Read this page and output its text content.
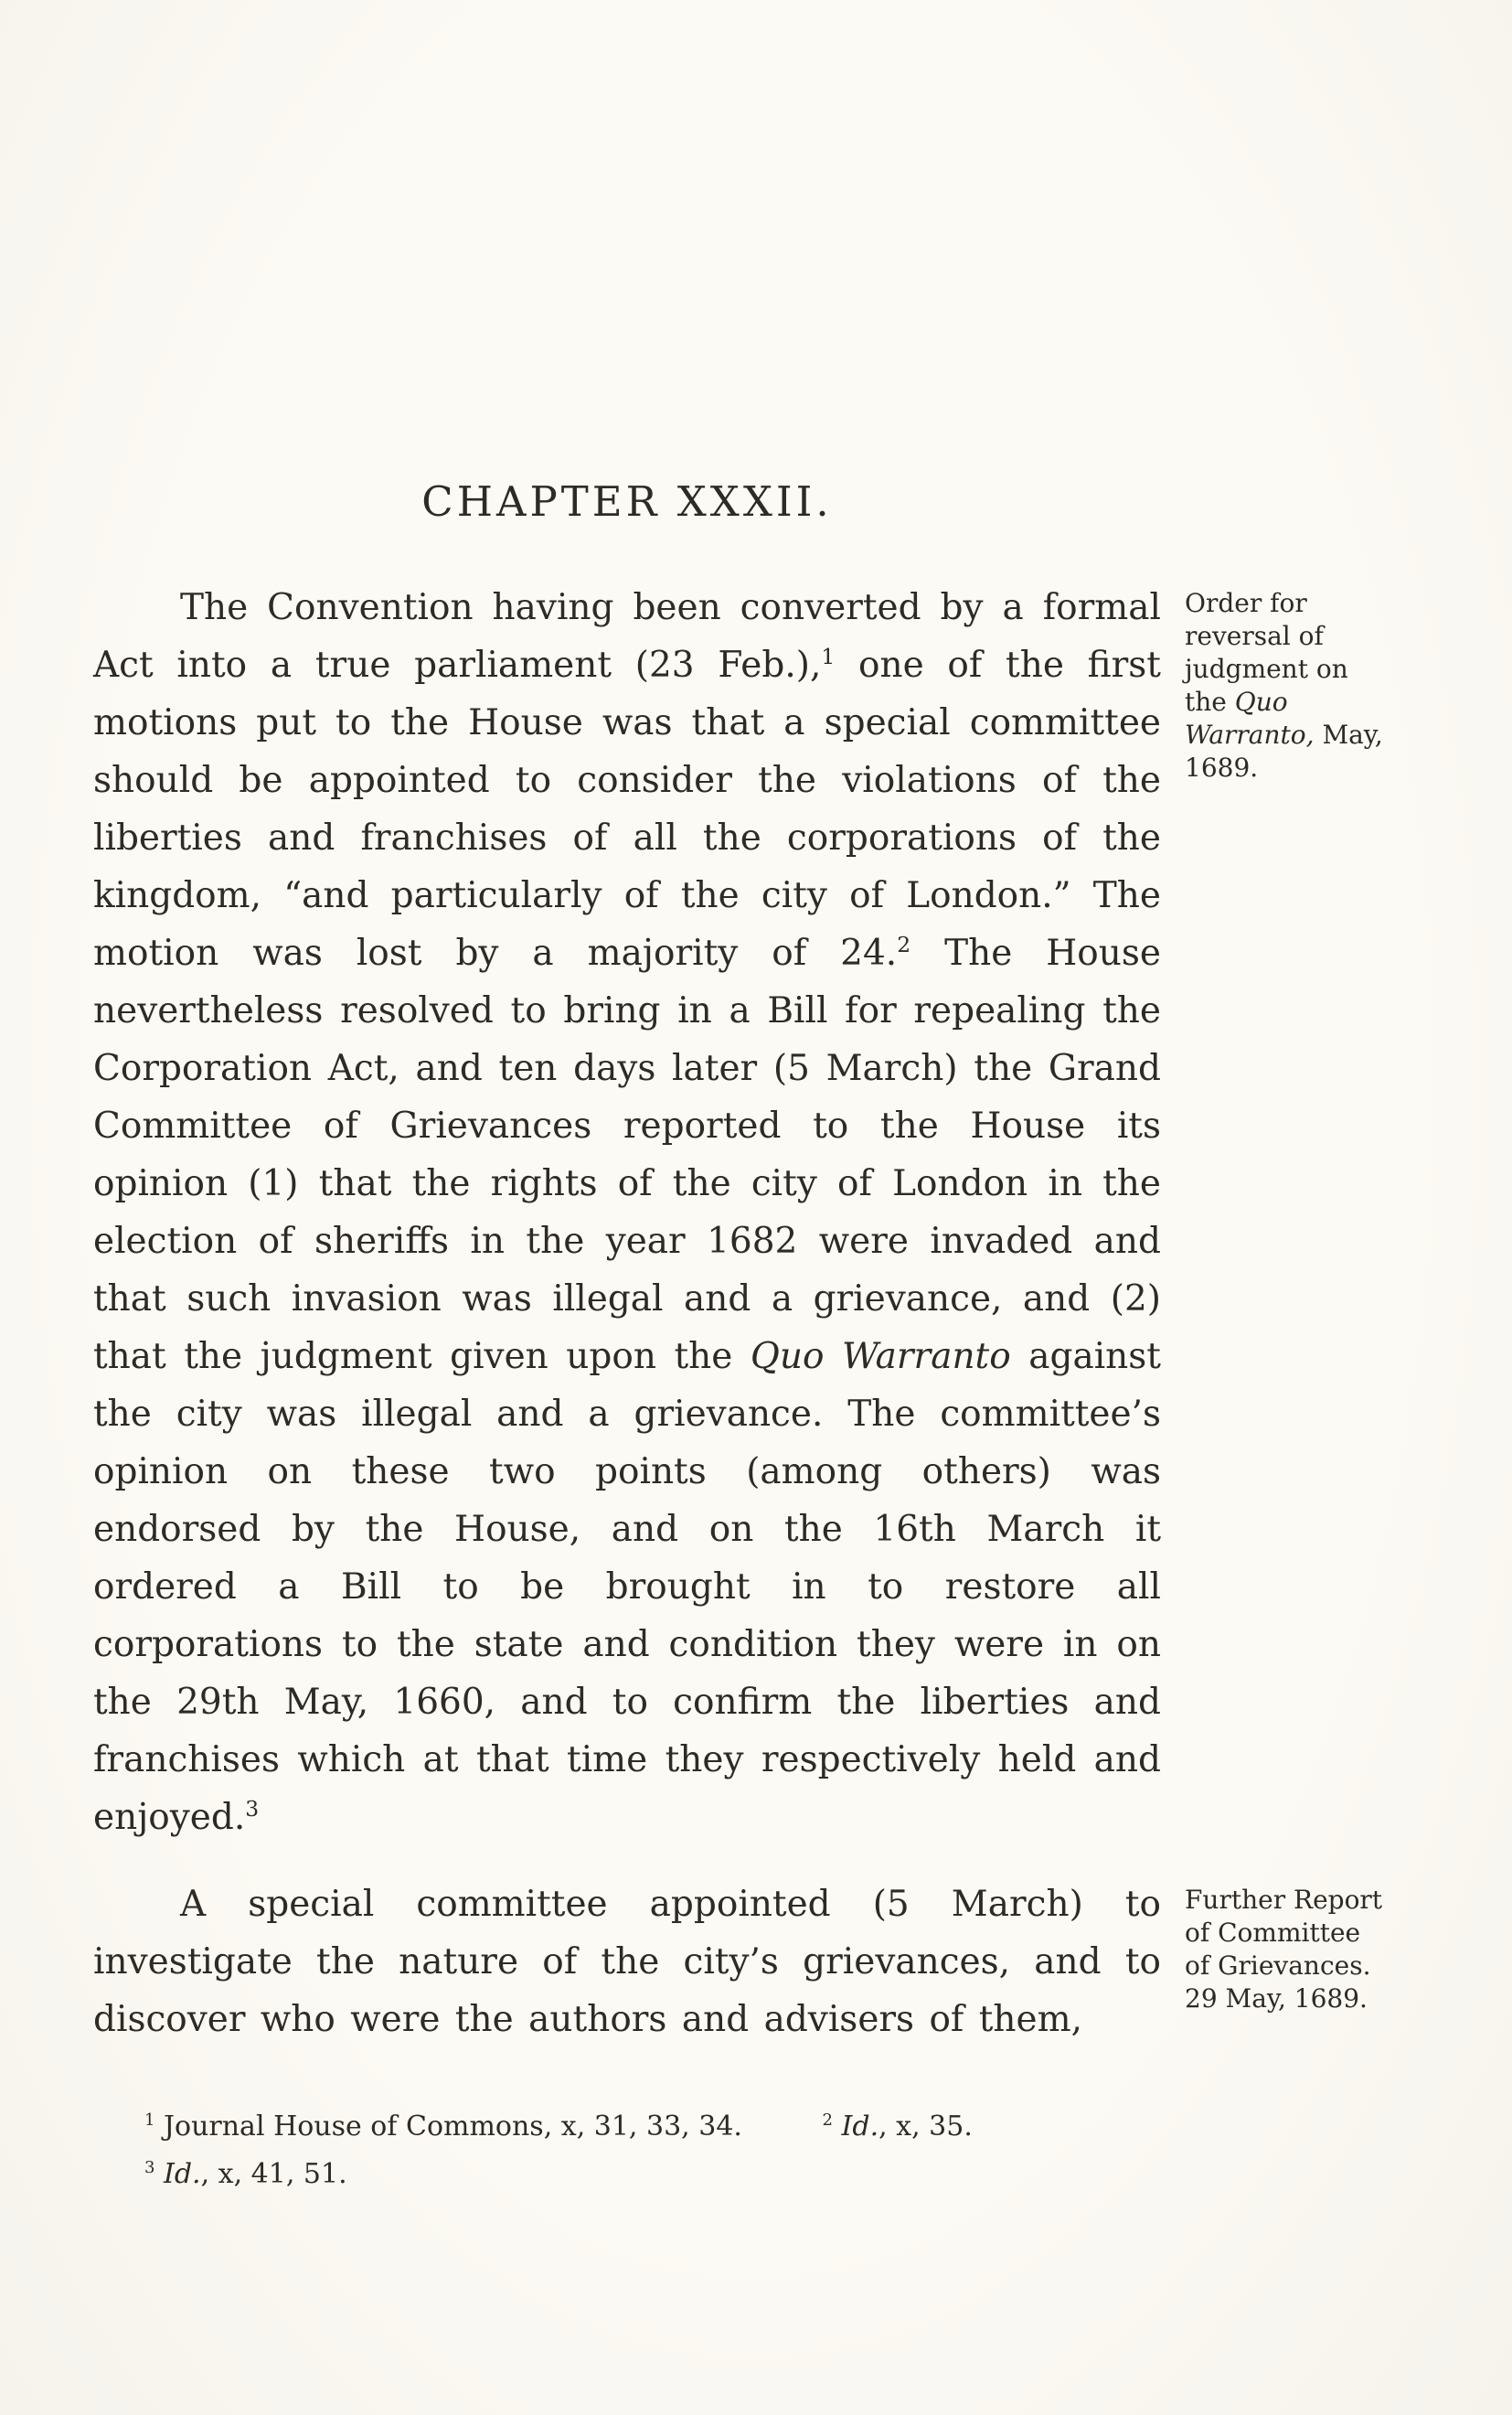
CHAPTER XXXII.

The Convention having been converted by a formal Act into a true parliament (23 Feb.),$^1$ one of the first motions put to the House was that a special committee should be appointed to consider the violations of the liberties and franchises of all the corporations of the kingdom, “and particularly of the city of London.” The motion was lost by a majority of 24.$^2$ The House nevertheless resolved to bring in a Bill for repealing the Corporation Act, and ten days later (5 March) the Grand Committee of Grievances reported to the House its opinion (1) that the rights of the city of London in the election of sheriffs in the year 1682 were invaded and that such invasion was illegal and a grievance, and (2) that the judgment given upon the Quo Warranto against the city was illegal and a grievance. The committee’s opinion on these two points (among others) was endorsed by the House, and on the 16th March it ordered a Bill to be brought in to restore all corporations to the state and condition they were in on the 29th May, 1660, and to confirm the liberties and franchises which at that time they respectively held and enjoyed.$^3$

Order for reversal of judgment on the Quo Warranto, May, 1689.

A special committee appointed (5 March) to investigate the nature of the city’s grievances, and to discover who were the authors and advisers of them,

Further Report of Committee of Grievances. 29 May, 1689.
$^1$ Journal House of Commons, x, 31, 33, 34.	$^2$ Id., x, 35.
$^3$ Id., x, 41, 51.
